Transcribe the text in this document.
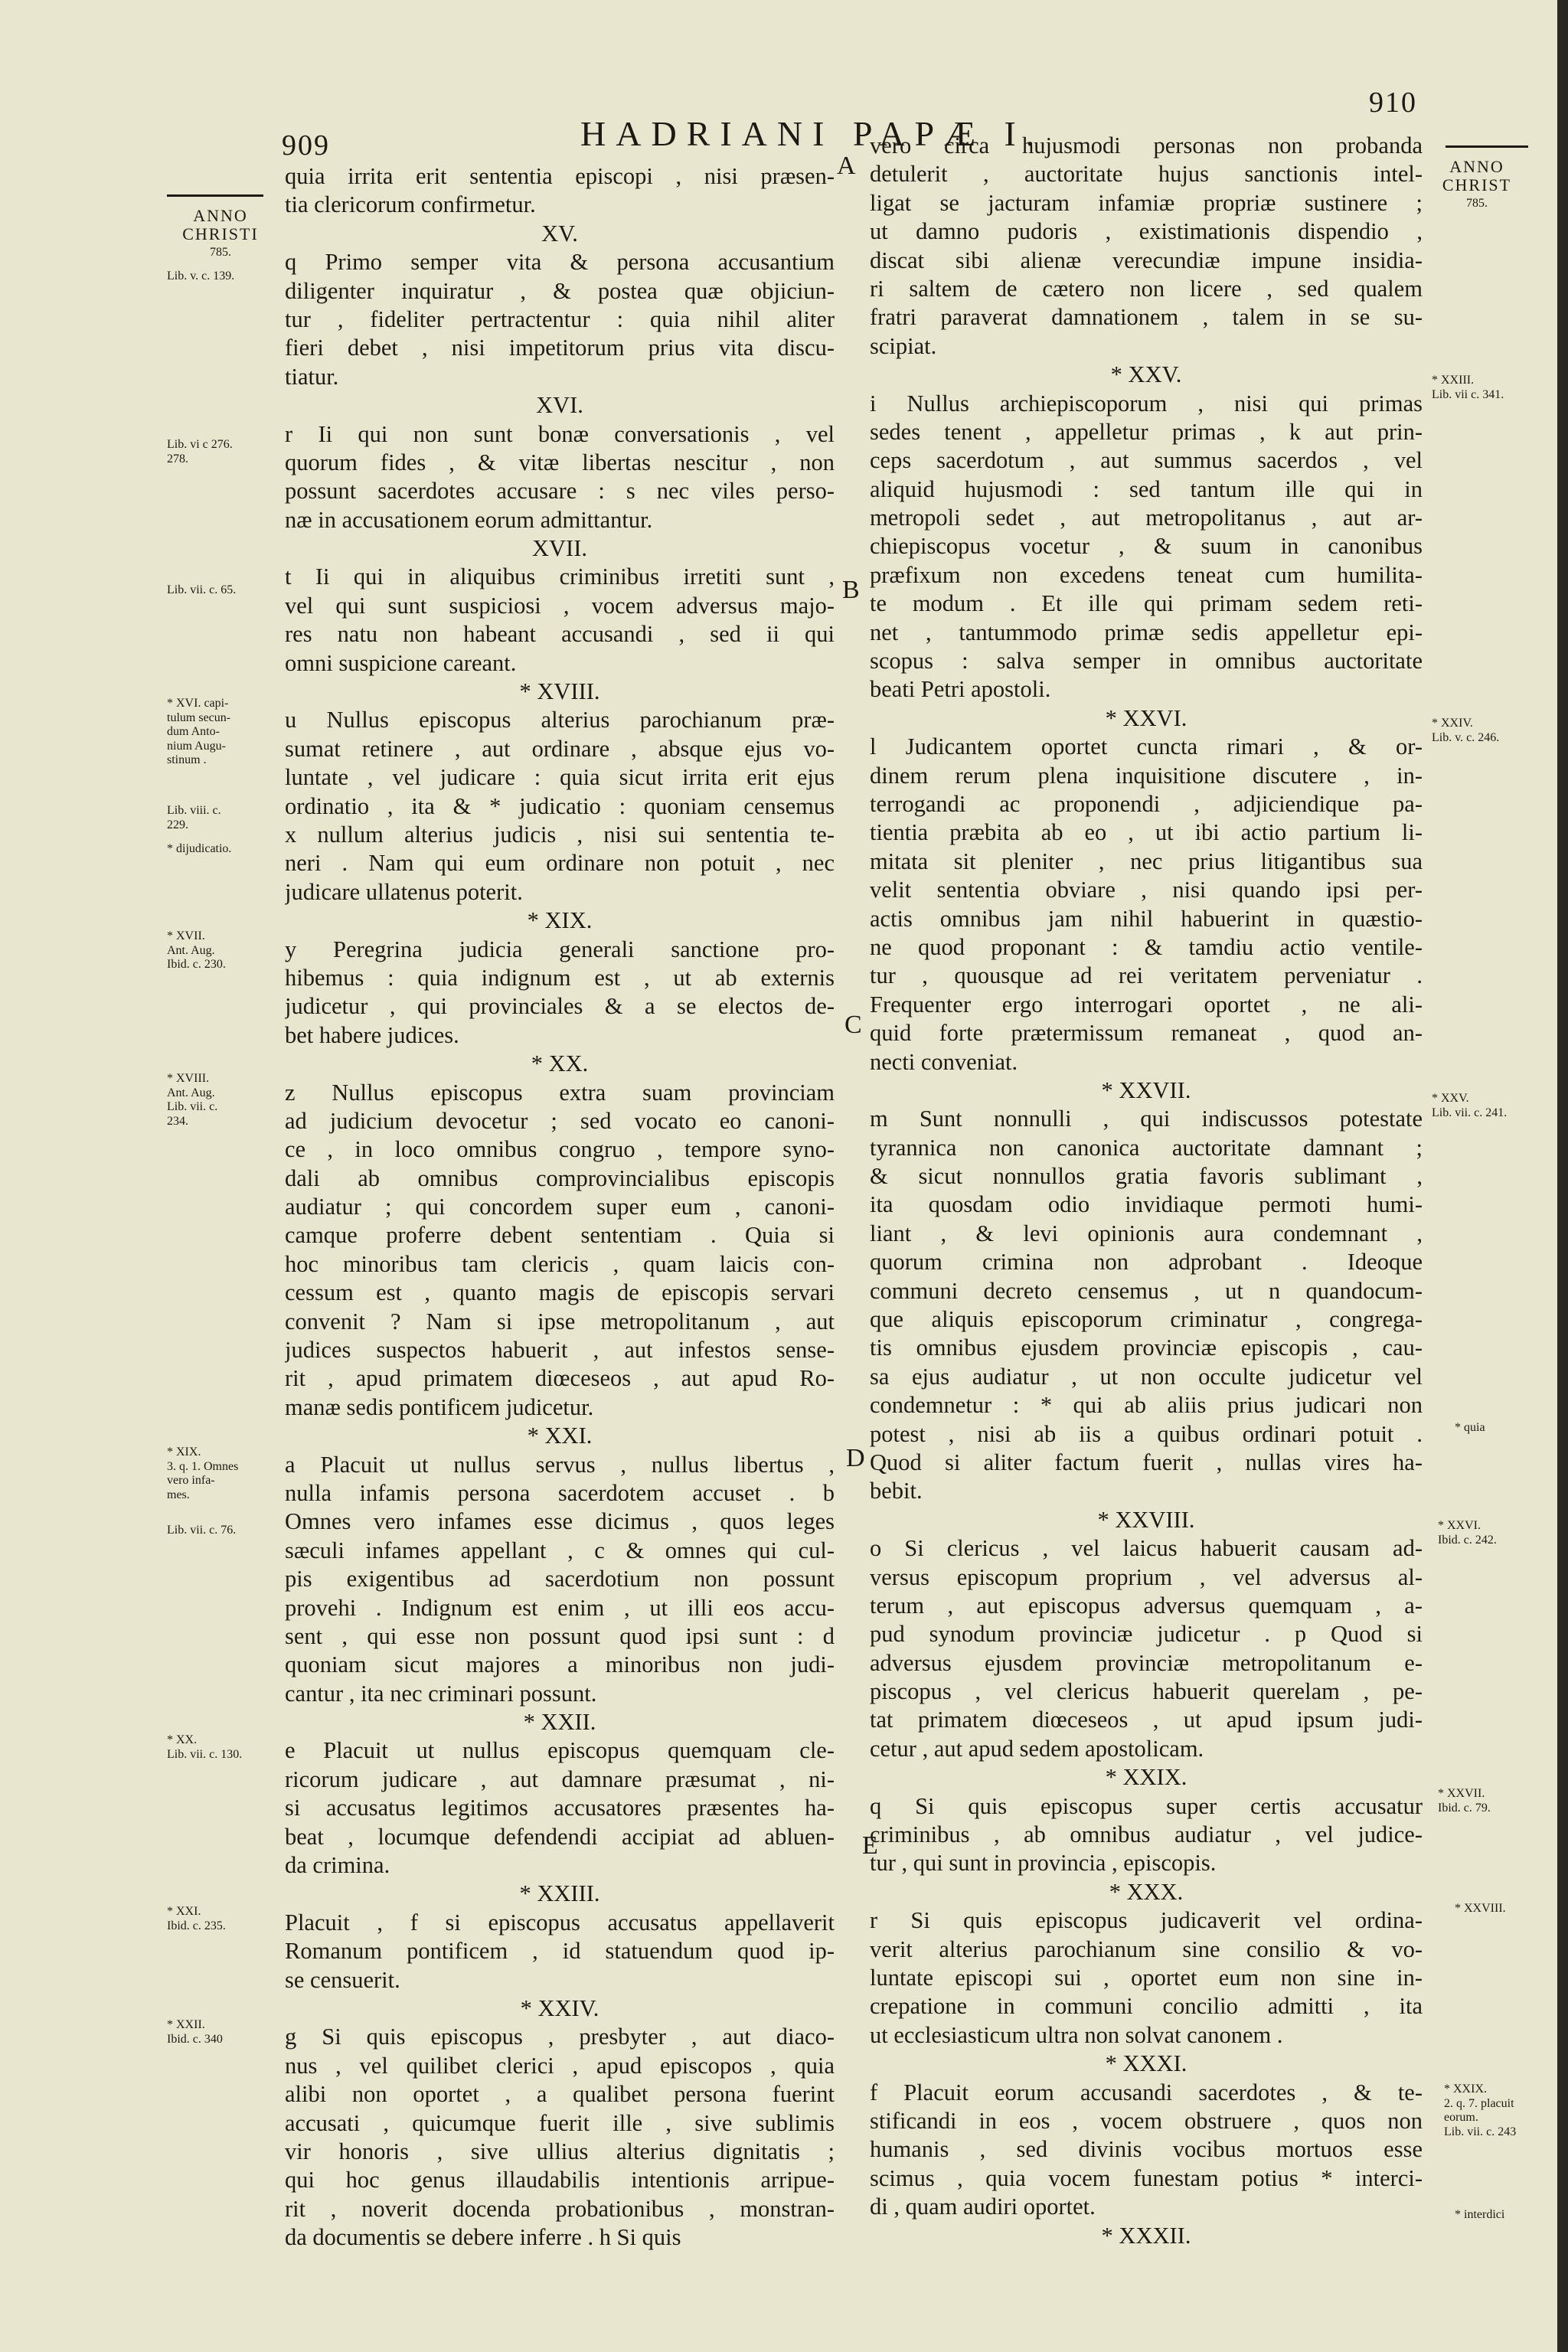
909	HADRIANI PAPÆ I.
910
ANNO
CHRISTI
785.
ANNO
CHRIST
785.
A
B
C
D
E
quia irrita erit sententia episcopi , nisi præsen-
tia clericorum confirmetur.
XV.
q Primo semper vita & persona accusantium
diligenter inquiratur , & postea quæ objiciun-
tur , fideliter pertractentur : quia nihil aliter
fieri debet , nisi impetitorum prius vita discu-
tiatur.
XVI.
r Ii qui non sunt bonæ conversationis , vel
quorum fides , & vitæ libertas nescitur , non
possunt sacerdotes accusare : s nec viles perso-
næ in accusationem eorum admittantur.
XVII.
t Ii qui in aliquibus criminibus irretiti sunt ,
vel qui sunt suspiciosi , vocem adversus majo-
res natu non habeant accusandi , sed ii qui
omni suspicione careant.
* XVIII.
u Nullus episcopus alterius parochianum præ-
sumat retinere , aut ordinare , absque ejus vo-
luntate , vel judicare : quia sicut irrita erit ejus
ordinatio , ita & * judicatio : quoniam censemus
x nullum alterius judicis , nisi sui sententia te-
neri . Nam qui eum ordinare non potuit , nec
judicare ullatenus poterit.
* XIX.
y Peregrina judicia generali sanctione pro-
hibemus : quia indignum est , ut ab externis
judicetur , qui provinciales & a se electos de-
bet habere judices.
* XX.
z Nullus episcopus extra suam provinciam
ad judicium devocetur ; sed vocato eo canoni-
ce , in loco omnibus congruo , tempore syno-
dali ab omnibus comprovincialibus episcopis
audiatur ; qui concordem super eum , canoni-
camque proferre debent sententiam . Quia si
hoc minoribus tam clericis , quam laicis con-
cessum est , quanto magis de episcopis servari
convenit ? Nam si ipse metropolitanum , aut
judices suspectos habuerit , aut infestos sense-
rit , apud primatem diœceseos , aut apud Ro-
manæ sedis pontificem judicetur.
* XXI.
a Placuit ut nullus servus , nullus libertus ,
nulla infamis persona sacerdotem accuset . b
Omnes vero infames esse dicimus , quos leges
sæculi infames appellant , c & omnes qui cul-
pis exigentibus ad sacerdotium non possunt
provehi . Indignum est enim , ut illi eos accu-
sent , qui esse non possunt quod ipsi sunt : d
quoniam sicut majores a minoribus non judi-
cantur , ita nec criminari possunt.
* XXII.
e Placuit ut nullus episcopus quemquam cle-
ricorum judicare , aut damnare præsumat , ni-
si accusatus legitimos accusatores præsentes ha-
beat , locumque defendendi accipiat ad abluen-
da crimina.
* XXIII.
Placuit , f si episcopus accusatus appellaverit
Romanum pontificem , id statuendum quod ip-
se censuerit.
* XXIV.
g Si quis episcopus , presbyter , aut diaco-
nus , vel quilibet clerici , apud episcopos , quia
alibi non oportet , a qualibet persona fuerint
accusati , quicumque fuerit ille , sive sublimis
vir honoris , sive ullius alterius dignitatis ;
qui hoc genus illaudabilis intentionis arripue-
rit , noverit docenda probationibus , monstran-
da documentis se debere inferre . h Si quis
vero circa hujusmodi personas non probanda
detulerit , auctoritate hujus sanctionis intel-
ligat se jacturam infamiæ propriæ sustinere ;
ut damno pudoris , existimationis dispendio ,
discat sibi alienæ verecundiæ impune insidia-
ri saltem de cætero non licere , sed qualem
fratri paraverat damnationem , talem in se su-
scipiat.
* XXV.
i Nullus archiepiscoporum , nisi qui primas
sedes tenent , appelletur primas , k aut prin-
ceps sacerdotum , aut summus sacerdos , vel
aliquid hujusmodi : sed tantum ille qui in
metropoli sedet , aut metropolitanus , aut ar-
chiepiscopus vocetur , & suum in canonibus
præfixum non excedens teneat cum humilita-
te modum . Et ille qui primam sedem reti-
net , tantummodo primæ sedis appelletur epi-
scopus : salva semper in omnibus auctoritate
beati Petri apostoli.
* XXVI.
l Judicantem oportet cuncta rimari , & or-
dinem rerum plena inquisitione discutere , in-
terrogandi ac proponendi , adjiciendique pa-
tientia præbita ab eo , ut ibi actio partium li-
mitata sit pleniter , nec prius litigantibus sua
velit sententia obviare , nisi quando ipsi per-
actis omnibus jam nihil habuerint in quæstio-
ne quod proponant : & tamdiu actio ventile-
tur , quousque ad rei veritatem perveniatur .
Frequenter ergo interrogari oportet , ne ali-
quid forte prætermissum remaneat , quod an-
necti conveniat.
* XXVII.
m Sunt nonnulli , qui indiscussos potestate
tyrannica non canonica auctoritate damnant ;
& sicut nonnullos gratia favoris sublimant ,
ita quosdam odio invidiaque permoti humi-
liant , & levi opinionis aura condemnant ,
quorum crimina non adprobant . Ideoque
communi decreto censemus , ut n quandocum-
que aliquis episcoporum criminatur , congrega-
tis omnibus ejusdem provinciæ episcopis , cau-
sa ejus audiatur , ut non occulte judicetur vel
condemnetur : * qui ab aliis prius judicari non
potest , nisi ab iis a quibus ordinari potuit .
Quod si aliter factum fuerit , nullas vires ha-
bebit.
* XXVIII.
o Si clericus , vel laicus habuerit causam ad-
versus episcopum proprium , vel adversus al-
terum , aut episcopus adversus quemquam , a-
pud synodum provinciæ judicetur . p Quod si
adversus ejusdem provinciæ metropolitanum e-
piscopus , vel clericus habuerit querelam , pe-
tat primatem diœceseos , ut apud ipsum judi-
cetur , aut apud sedem apostolicam.
* XXIX.
q Si quis episcopus super certis accusatur
criminibus , ab omnibus audiatur , vel judice-
tur , qui sunt in provincia , episcopis.
* XXX.
r Si quis episcopus judicaverit vel ordina-
verit alterius parochianum sine consilio & vo-
luntate episcopi sui , oportet eum non sine in-
crepatione in communi concilio admitti , ita
ut ecclesiasticum ultra non solvat canonem .
* XXXI.
f Placuit eorum accusandi sacerdotes , & te-
stificandi in eos , vocem obstruere , quos non
humanis , sed divinis vocibus mortuos esse
scimus , quia vocem funestam potius * interci-
di , quam audiri oportet.
* XXXII.
Lib. v. c. 139.
Lib. vi c 276.
278.
Lib. vii. c. 65.
* XVI. capi-
tulum secun-
dum Anto-
nium Augu-
stinum .
Lib. viii. c.
229.
* dijudicatio.
* XVII.
Ant. Aug.
Ibid. c. 230.
* XVIII.
Ant. Aug.
Lib. vii. c.
234.
* XIX.
3. q. 1. Omnes
vero infa-
mes.
Lib. vii. c. 76.
* XX.
Lib. vii. c. 130.
* XXI.
Ibid. c. 235.
* XXII.
Ibid. c. 340
* XXIII.
Lib. vii c. 341.
* XXIV.
Lib. v. c. 246.
* XXV.
Lib. vii. c. 241.
* quia
* XXVI.
Ibid. c. 242.
* XXVII.
Ibid. c. 79.
* XXVIII.
* XXIX.
2. q. 7. placuit
eorum.
Lib. vii. c. 243
* interdici
